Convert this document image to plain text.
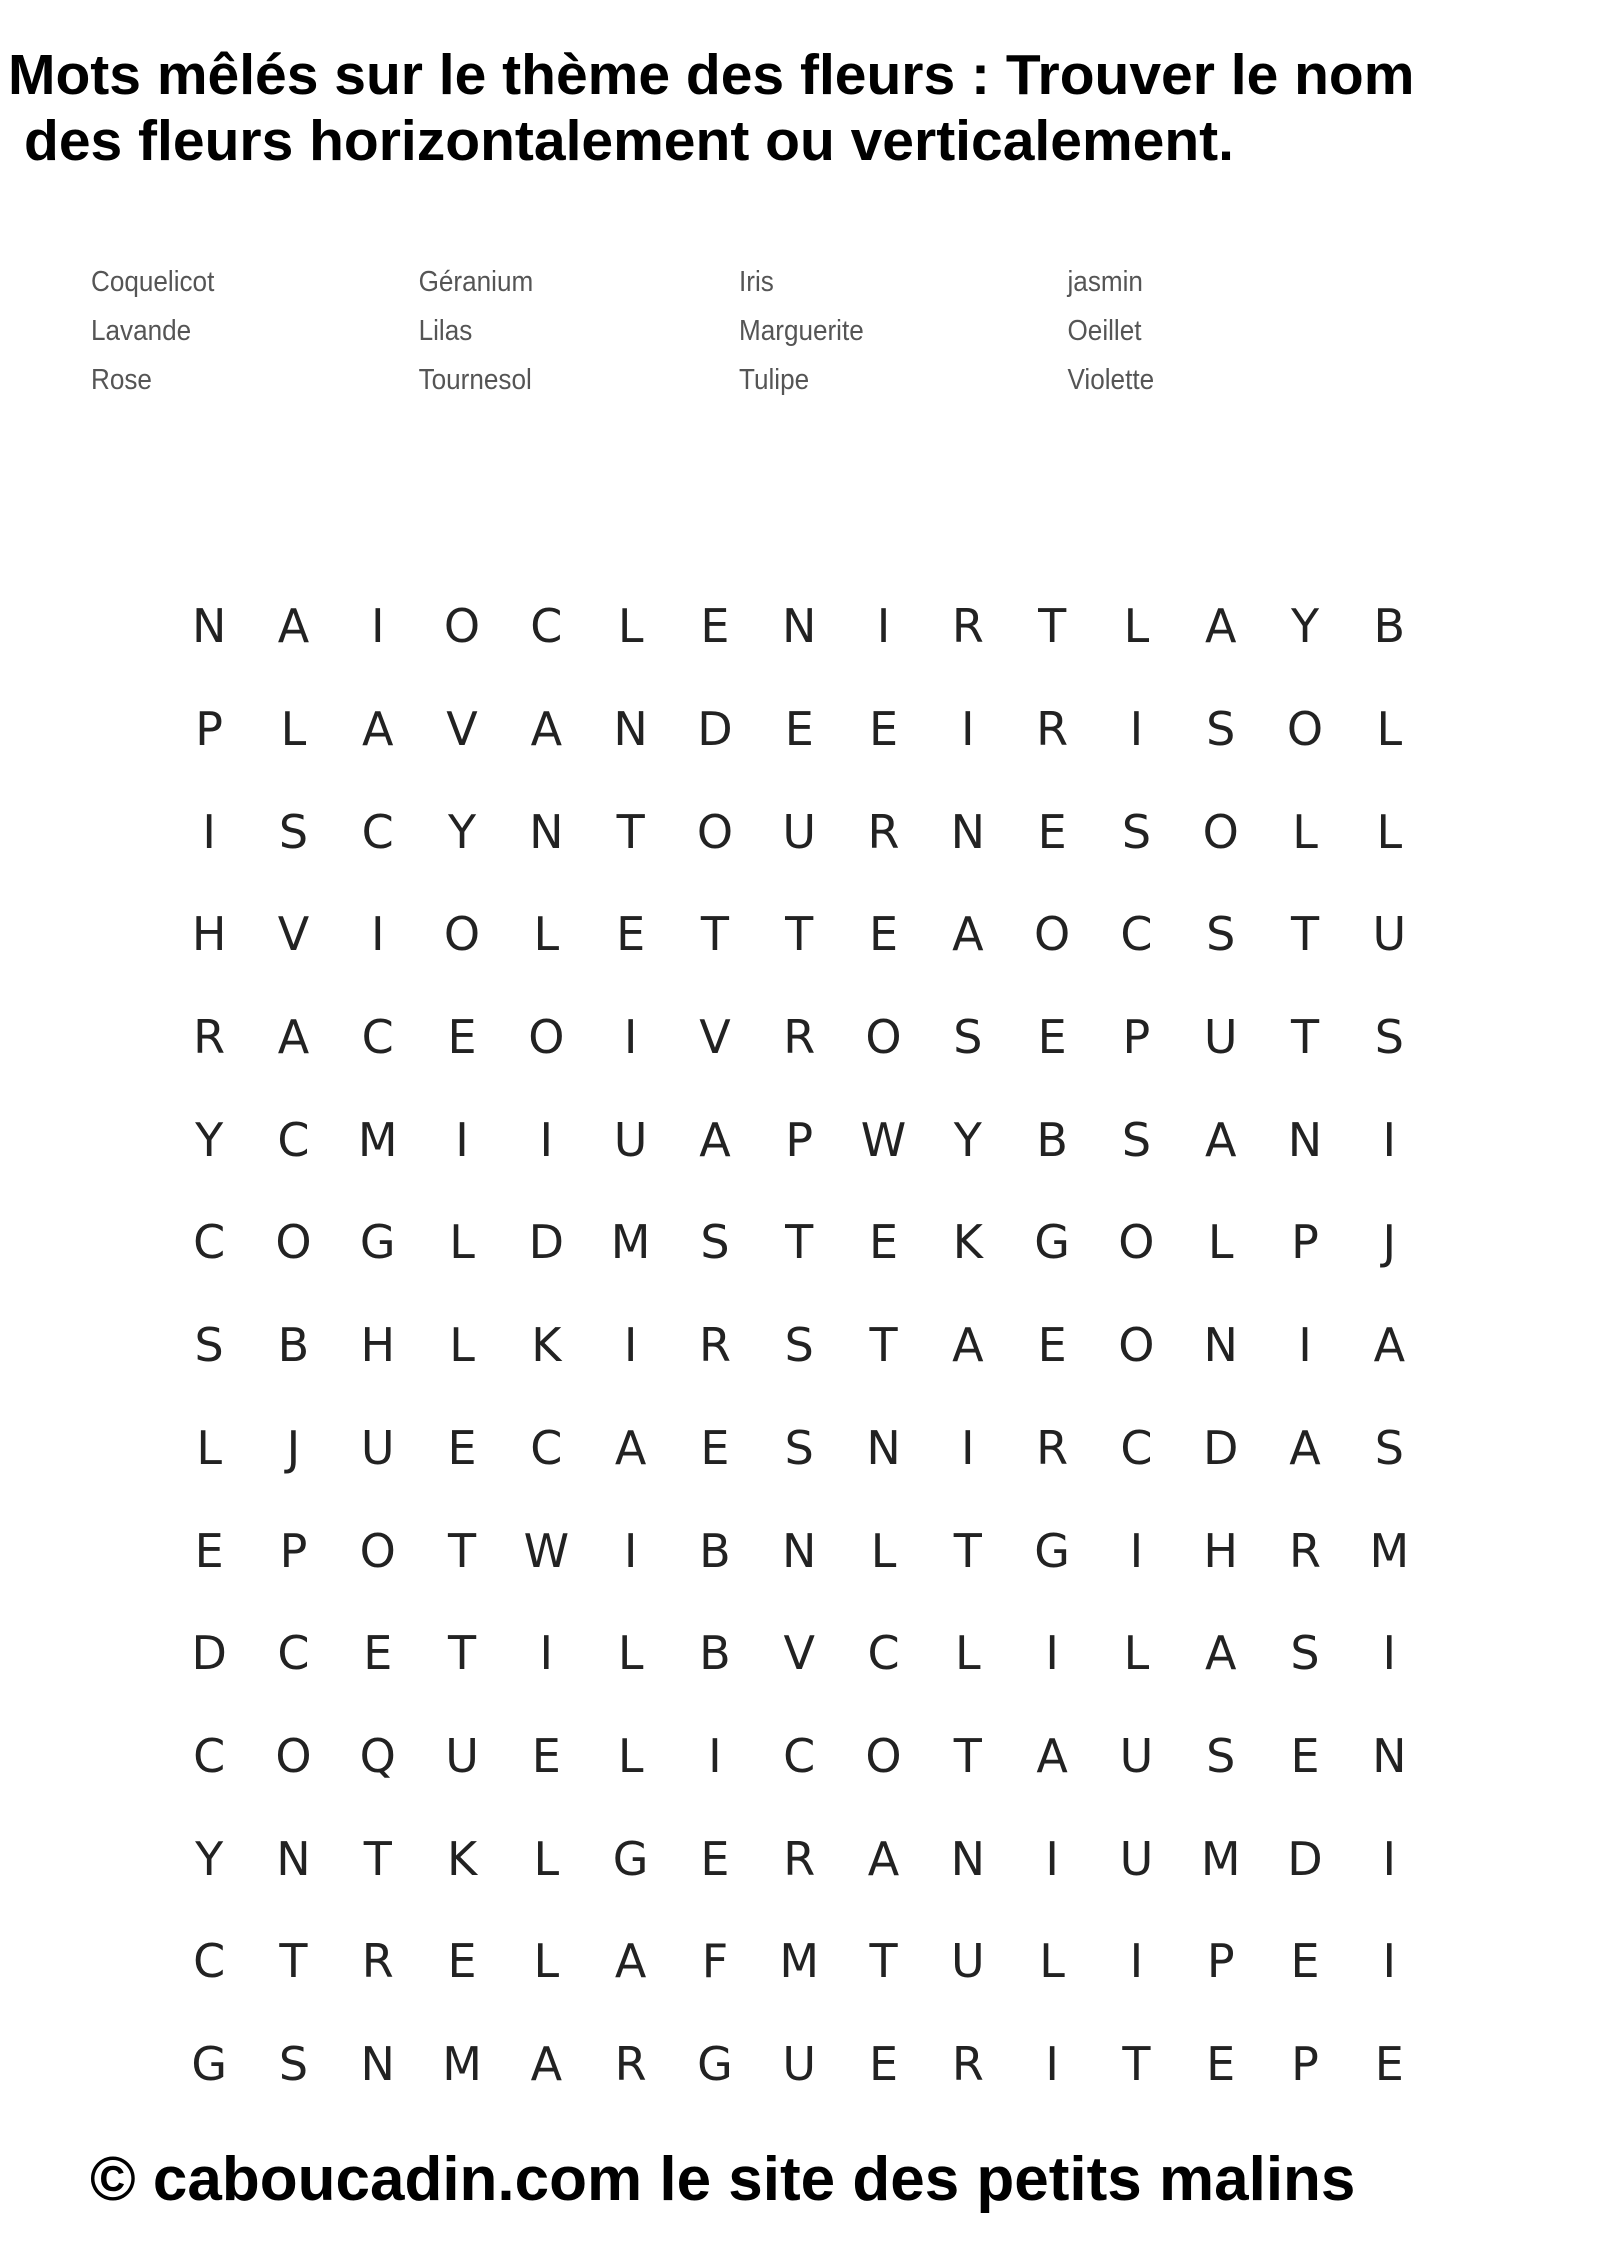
Mots mêlés sur le thème des fleurs : Trouver le nom
des fleurs horizontalement ou verticalement.
Coquelicot	Géranium	Iris	jasmin
Lavande	Lilas	Marguerite	Oeillet
Rose	Tournesol	Tulipe	Violette
N	A	I	O	C	L	E	N	I	R	T	L	A	Y	B
P	L	A	V	A	N	D	E	E	I	R	I	S	O	L
I	S	C	Y	N	T	O	U	R	N	E	S	O	L	L
H	V	I	O	L	E	T	T	E	A	O	C	S	T	U
R	A	C	E	O	I	V	R	O	S	E	P	U	T	S
Y	C	M	I	I	U	A	P	W	Y	B	S	A	N	I
C	O	G	L	D	M	S	T	E	K	G	O	L	P	J
S	B	H	L	K	I	R	S	T	A	E	O	N	I	A
L	J	U	E	C	A	E	S	N	I	R	C	D	A	S
E	P	O	T	W	I	B	N	L	T	G	I	H	R	M
D	C	E	T	I	L	B	V	C	L	I	L	A	S	I
C	O	Q	U	E	L	I	C	O	T	A	U	S	E	N
Y	N	T	K	L	G	E	R	A	N	I	U	M	D	I
C	T	R	E	L	A	F	M	T	U	L	I	P	E	I
G	S	N	M	A	R	G	U	E	R	I	T	E	P	E

© caboucadin.com le site des petits malins
